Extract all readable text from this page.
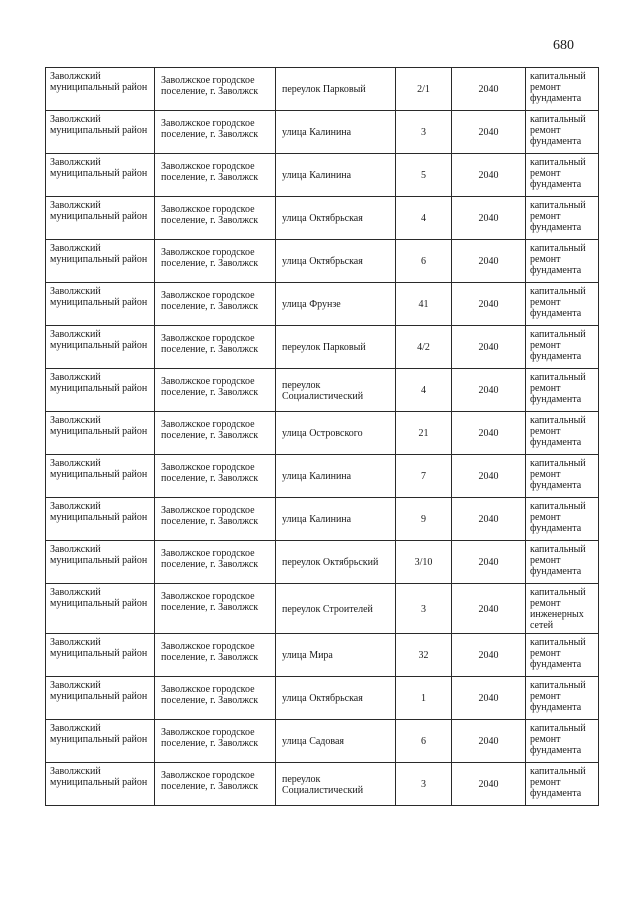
680
Заволжский муниципальный район	Заволжское городское поселение, г. Заволжск	переулок Парковый	2/1	2040	капитальный ремонт фундамента
Заволжский муниципальный район	Заволжское городское поселение, г. Заволжск	улица Калинина	3	2040	капитальный ремонт фундамента
Заволжский муниципальный район	Заволжское городское поселение, г. Заволжск	улица Калинина	5	2040	капитальный ремонт фундамента
Заволжский муниципальный район	Заволжское городское поселение, г. Заволжск	улица Октябрьская	4	2040	капитальный ремонт фундамента
Заволжский муниципальный район	Заволжское городское поселение, г. Заволжск	улица Октябрьская	6	2040	капитальный ремонт фундамента
Заволжский муниципальный район	Заволжское городское поселение, г. Заволжск	улица Фрунзе	41	2040	капитальный ремонт фундамента
Заволжский муниципальный район	Заволжское городское поселение, г. Заволжск	переулок Парковый	4/2	2040	капитальный ремонт фундамента
Заволжский муниципальный район	Заволжское городское поселение, г. Заволжск	переулок Социалистический	4	2040	капитальный ремонт фундамента
Заволжский муниципальный район	Заволжское городское поселение, г. Заволжск	улица Островского	21	2040	капитальный ремонт фундамента
Заволжский муниципальный район	Заволжское городское поселение, г. Заволжск	улица Калинина	7	2040	капитальный ремонт фундамента
Заволжский муниципальный район	Заволжское городское поселение, г. Заволжск	улица Калинина	9	2040	капитальный ремонт фундамента
Заволжский муниципальный район	Заволжское городское поселение, г. Заволжск	переулок Октябрьский	3/10	2040	капитальный ремонт фундамента
Заволжский муниципальный район	Заволжское городское поселение, г. Заволжск	переулок Строителей	3	2040	капитальный ремонт инженерных сетей
Заволжский муниципальный район	Заволжское городское поселение, г. Заволжск	улица Мира	32	2040	капитальный ремонт фундамента
Заволжский муниципальный район	Заволжское городское поселение, г. Заволжск	улица Октябрьская	1	2040	капитальный ремонт фундамента
Заволжский муниципальный район	Заволжское городское поселение, г. Заволжск	улица Садовая	6	2040	капитальный ремонт фундамента
Заволжский муниципальный район	Заволжское городское поселение, г. Заволжск	переулок Социалистический	3	2040	капитальный ремонт фундамента
